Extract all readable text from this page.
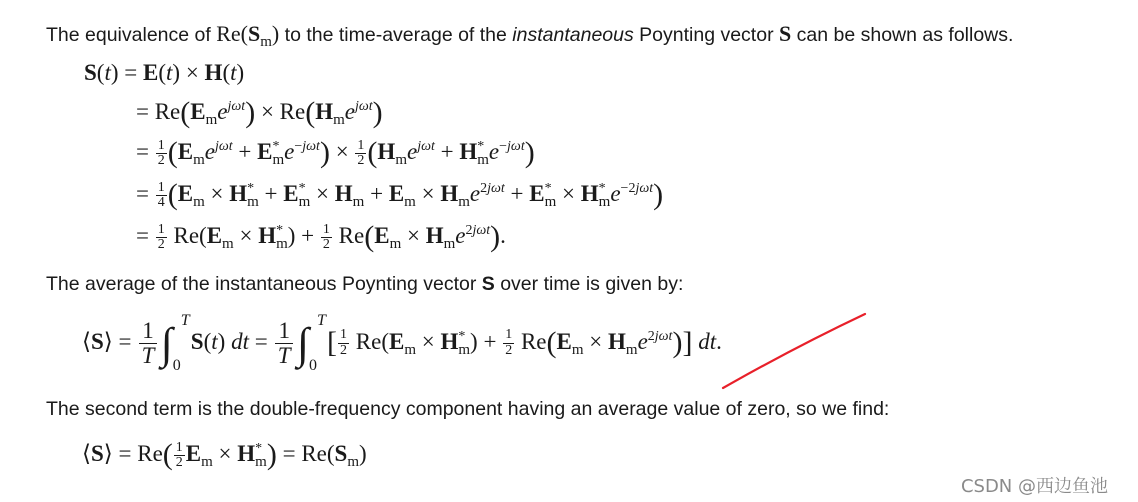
The equivalence of $Re(S_m)$ to the time-average of the instantaneous Poynting vector S can be shown as follows.
S(t) = E(t) × H(t)
= $Re(E_me^{j\omega t}) \times Re(H_me^{j\omega t})$
= $\frac{1}{2} (E_me^{j\omega t} + E^*_me^{-j\omega t}) \times \frac{1}{2} (H_me^{j\omega t} + H^*_me^{-j\omega t})$
= $\frac{1}{4} (E_m \times H^*_m + E^*_m \times H_m + E_m \times H_me^{2j\omega t} + E^*_m \times H^*_me^{-2j\omega t})$
= $\frac{1}{2} Re(E_m \times H^*_m) + \frac{1}{2} Re(E_m \times H_me^{2j\omega t})$.
The average of the instantaneous Poynting vector S over time is given by:
⟨S⟩ = $\frac{1}{T}$ ∫ T
0
S(t) dt = $\frac{1}{T}$ ∫ T
0
[ $\frac{1}{2} Re(E_m \times H^*_m) + \frac{1}{2} Re(E_m \times H_me^{2j\omega t})$] dt.
The second term is the double-frequency component having an average value of zero, so we find:
⟨S⟩ = $Re( \frac{1}{2} E_m \times H^*_m) = Re(S_m)$
CSDN @西边鱼池
